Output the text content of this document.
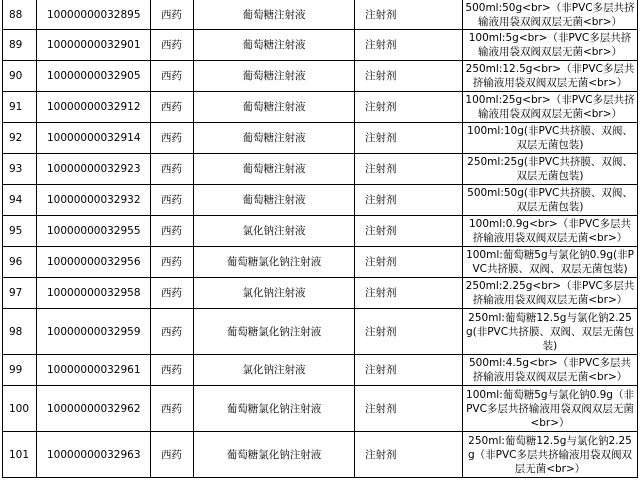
88	10000000032895	西药	葡萄糖注射液	注射剂	500ml:50g<br>（非PVC多层共挤输液用袋双阀双层无菌<br>）
89	10000000032901	西药	葡萄糖注射液	注射剂	100ml:5g<br>（非PVC多层共挤输液用袋双阀双层无菌<br>）
90	10000000032905	西药	葡萄糖注射液	注射剂	250ml:12.5g<br>（非PVC多层共挤输液用袋双阀双层无菌<br>）
91	10000000032912	西药	葡萄糖注射液	注射剂	100ml:25g<br>（非PVC多层共挤输液用袋双阀双层无菌<br>）
92	10000000032914	西药	葡萄糖注射液	注射剂	100ml:10g(非PVC共挤膜、双阀、双层无菌包装)
93	10000000032923	西药	葡萄糖注射液	注射剂	250ml:25g(非PVC共挤膜、双阀、双层无菌包装)
94	10000000032932	西药	葡萄糖注射液	注射剂	500ml:50g(非PVC共挤膜、双阀、双层无菌包装)
95	10000000032955	西药	氯化钠注射液	注射剂	100ml:0.9g<br>（非PVC多层共挤输液用袋双阀双层无菌<br>）
96	10000000032956	西药	葡萄糖氯化钠注射液	注射剂	100ml:葡萄糖5g与氯化钠0.9g(非PVC共挤膜、双阀、双层无菌包装)
97	10000000032958	西药	氯化钠注射液	注射剂	250ml:2.25g<br>（非PVC多层共挤输液用袋双阀双层无菌<br>）
98	10000000032959	西药	葡萄糖氯化钠注射液	注射剂	250ml:葡萄糖12.5g与氯化钠2.25g(非PVC共挤膜、双阀、双层无菌包装)
99	10000000032961	西药	氯化钠注射液	注射剂	500ml:4.5g<br>（非PVC多层共挤输液用袋双阀双层无菌<br>）
100	10000000032962	西药	葡萄糖氯化钠注射液	注射剂	100ml:葡萄糖5g与氯化钠0.9g（非PVC多层共挤输液用袋双阀双层无菌<br>）
101	10000000032963	西药	葡萄糖氯化钠注射液	注射剂	250ml:葡萄糖12.5g与氯化钠2.25g（非PVC多层共挤输液用袋双阀双层无菌<br>）
